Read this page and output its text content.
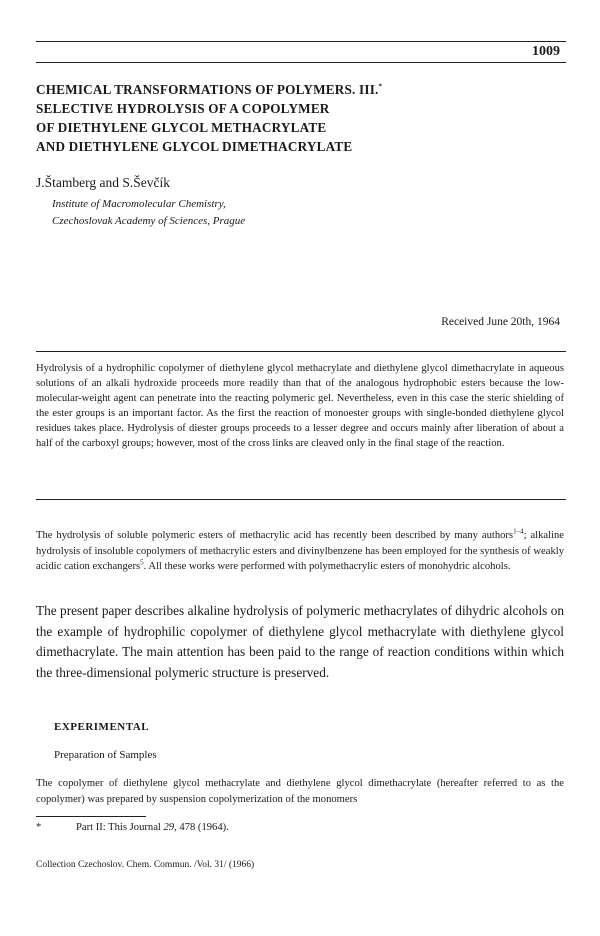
1009

CHEMICAL TRANSFORMATIONS OF POLYMERS. III.*
SELECTIVE HYDROLYSIS OF A COPOLYMER
OF DIETHYLENE GLYCOL METHACRYLATE
AND DIETHYLENE GLYCOL DIMETHACRYLATE

J.Štamberg and S.Ševčík

Institute of Macromolecular Chemistry,
Czechoslovak Academy of Sciences, Prague

Received June 20th, 1964

Hydrolysis of a hydrophilic copolymer of diethylene glycol methacrylate and diethylene glycol dimethacrylate in aqueous solutions of an alkali hydroxide proceeds more readily than that of the analogous hydrophobic esters because the low-molecular-weight agent can penetrate into the reacting polymeric gel. Nevertheless, even in this case the steric shielding of the ester groups is an important factor. As the first the reaction of monoester groups with single-bonded diethylene glycol residues takes place. Hydrolysis of diester groups proceeds to a lesser degree and occurs mainly after liberation of about a half of the carboxyl groups; however, most of the cross links are cleaved only in the final stage of the reaction.

The hydrolysis of soluble polymeric esters of methacrylic acid has recently been described by many authors$^{1-4}$; alkaline hydrolysis of insoluble copolymers of methacrylic esters and divinylbenzene has been employed for the synthesis of weakly acidic cation exchangers$^5$. All these works were performed with polymethacrylic esters of monohydric alcohols.

The present paper describes alkaline hydrolysis of polymeric methacrylates of dihydric alcohols on the example of hydrophilic copolymer of diethylene glycol methacrylate with diethylene glycol dimethacrylate. The main attention has been paid to the range of reaction conditions within which the three-dimensional polymeric structure is preserved.

EXPERIMENTAL

Preparation of Samples

The copolymer of diethylene glycol methacrylate and diethylene glycol dimethacrylate (hereafter referred to as the copolymer) was prepared by suspension copolymerization of the monomers

*	Part II: This Journal 29, 478 (1964).

Collection Czechoslov. Chem. Commun. /Vol. 31/ (1966)
